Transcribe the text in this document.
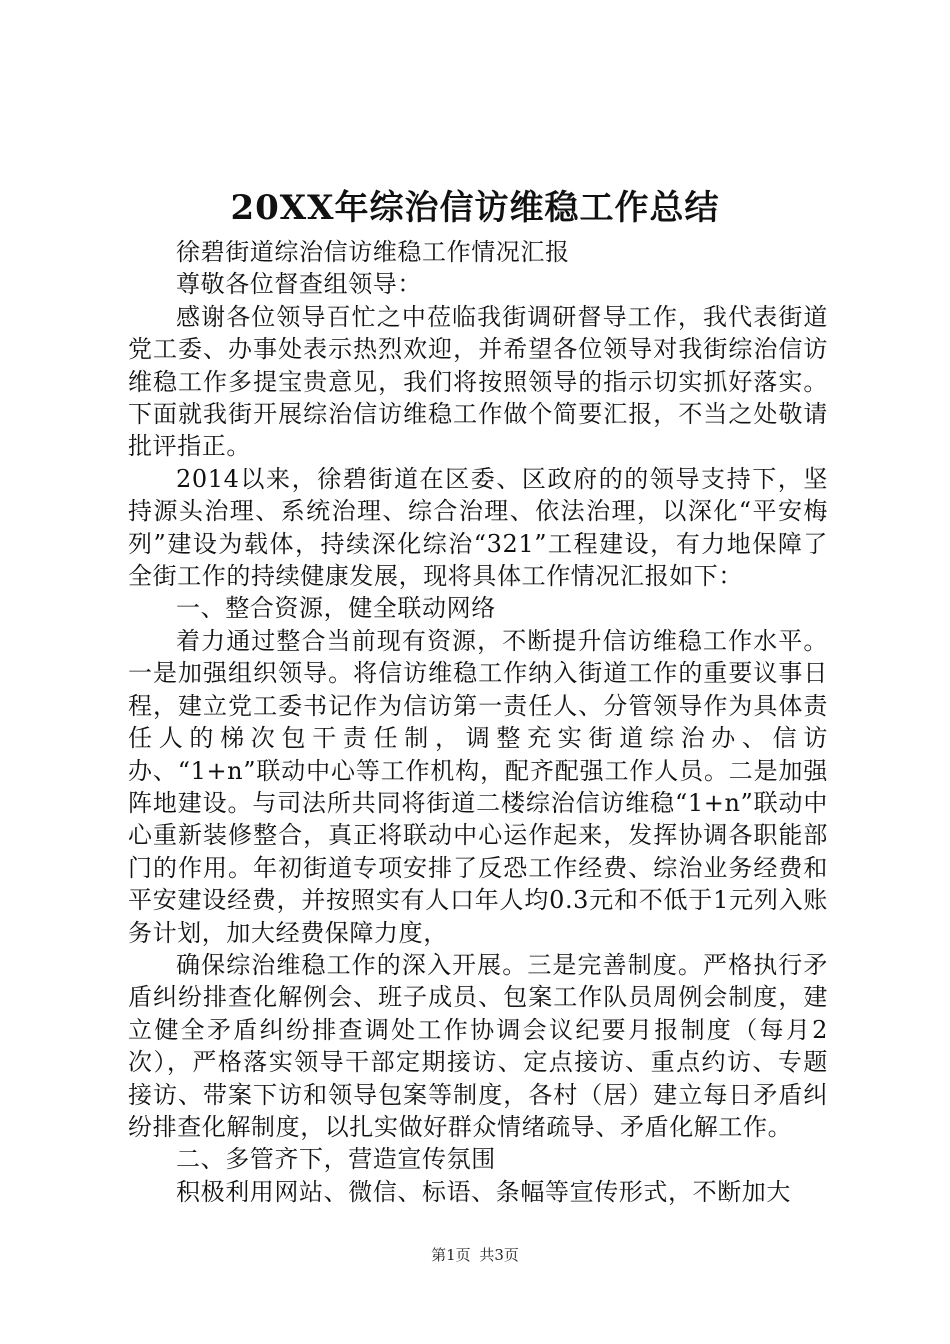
20XX年综治信访维稳工作总结

徐碧街道综治信访维稳工作情况汇报

尊敬各位督查组领导：

感谢各位领导百忙之中莅临我街调研督导工作，我代表街道党工委、办事处表示热烈欢迎，并希望各位领导对我街综治信访维稳工作多提宝贵意见，我们将按照领导的指示切实抓好落实。下面就我街开展综治信访维稳工作做个简要汇报，不当之处敬请批评指正。

2014以来，徐碧街道在区委、区政府的的领导支持下，坚持源头治理、系统治理、综合治理、依法治理，以深化“平安梅列”建设为载体，持续深化综治“321”工程建设，有力地保障了全街工作的持续健康发展，现将具体工作情况汇报如下：

一、整合资源，健全联动网络

着力通过整合当前现有资源，不断提升信访维稳工作水平。一是加强组织领导。将信访维稳工作纳入街道工作的重要议事日程，建立党工委书记作为信访第一责任人、分管领导作为具体责任人的梯次包干责任制，调整充实街道综治办、信访办、“1+n”联动中心等工作机构，配齐配强工作人员。二是加强阵地建设。与司法所共同将街道二楼综治信访维稳“1+n”联动中心重新装修整合，真正将联动中心运作起来，发挥协调各职能部门的作用。年初街道专项安排了反恐工作经费、综治业务经费和平安建设经费，并按照实有人口年人均0.3元和不低于1元列入账务计划，加大经费保障力度，

确保综治维稳工作的深入开展。三是完善制度。严格执行矛盾纠纷排查化解例会、班子成员、包案工作队员周例会制度，建立健全矛盾纠纷排查调处工作协调会议纪要月报制度（每月2次），严格落实领导干部定期接访、定点接访、重点约访、专题接访、带案下访和领导包案等制度，各村（居）建立每日矛盾纠纷排查化解制度，以扎实做好群众情绪疏导、矛盾化解工作。

二、多管齐下，营造宣传氛围

积极利用网站、微信、标语、条幅等宣传形式，不断加大

第1页 共3页
